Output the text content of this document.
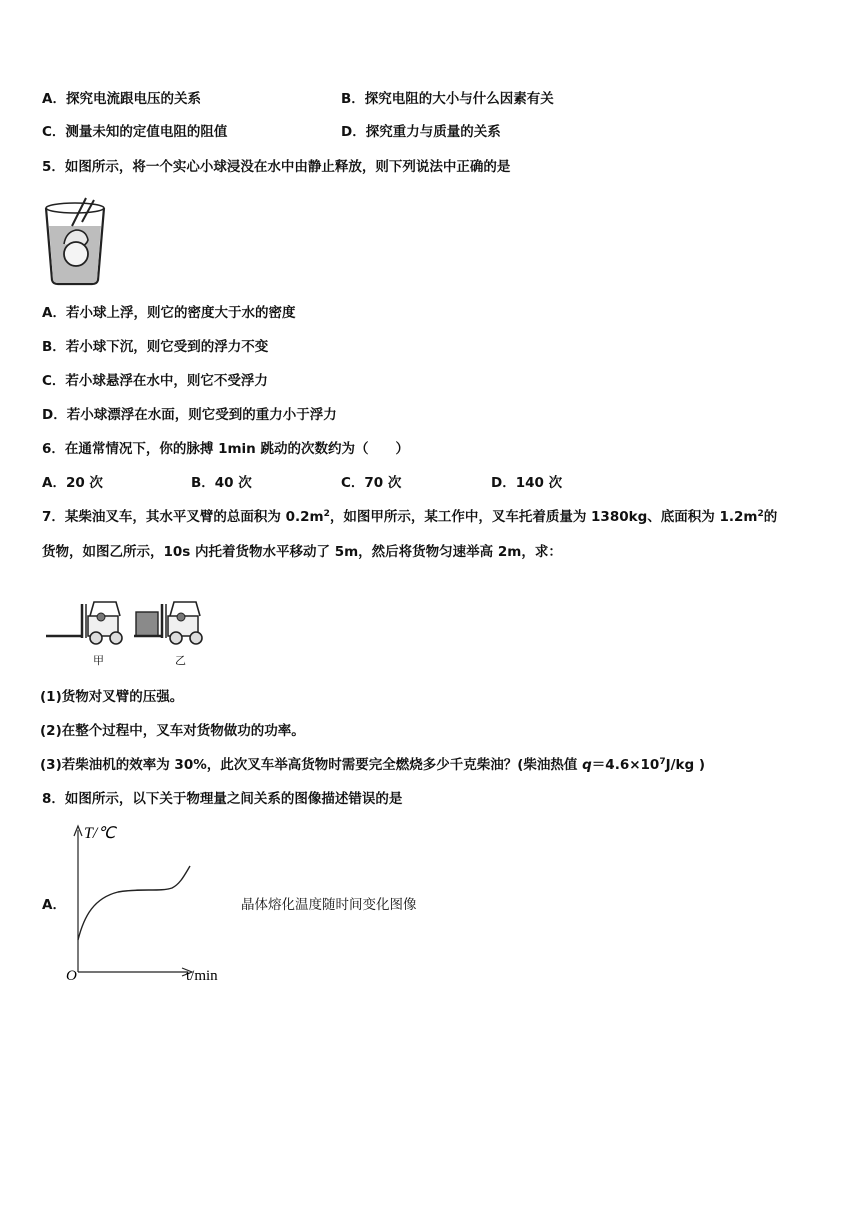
A．探究电流跟电压的关系	B．探究电阻的大小与什么因素有关
C．测量未知的定值电阻的阻值	D．探究重力与质量的关系
5．如图所示，将一个实心小球浸没在水中由静止释放，则下列说法中正确的是
A．若小球上浮，则它的密度大于水的密度
B．若小球下沉，则它受到的浮力不变
C．若小球悬浮在水中，则它不受浮力
D．若小球漂浮在水面，则它受到的重力小于浮力
6．在通常情况下，你的脉搏 1min 跳动的次数约为（　　）
A．20 次	B．40 次	C．70 次	D．140 次
7．某柴油叉车，其水平叉臂的总面积为 $0.2m^2$，如图甲所示，某工作中，叉车托着质量为 1380kg、底面积为 $1.2m^2$的
货物，如图乙所示，10s 内托着货物水平移动了 5m，然后将货物匀速举高 2m，求：
甲	乙
(1)货物对叉臂的压强。
(2)在整个过程中，叉车对货物做功的功率。
(3)若柴油机的效率为 30%，此次叉车举高货物时需要完全燃烧多少千克柴油？(柴油热值 $q=4.6\times 10^7J/kg$ )
8．如图所示，以下关于物理量之间关系的图像描述错误的是
A．
T/℃
O	t/min
晶体熔化温度随时间变化图像
